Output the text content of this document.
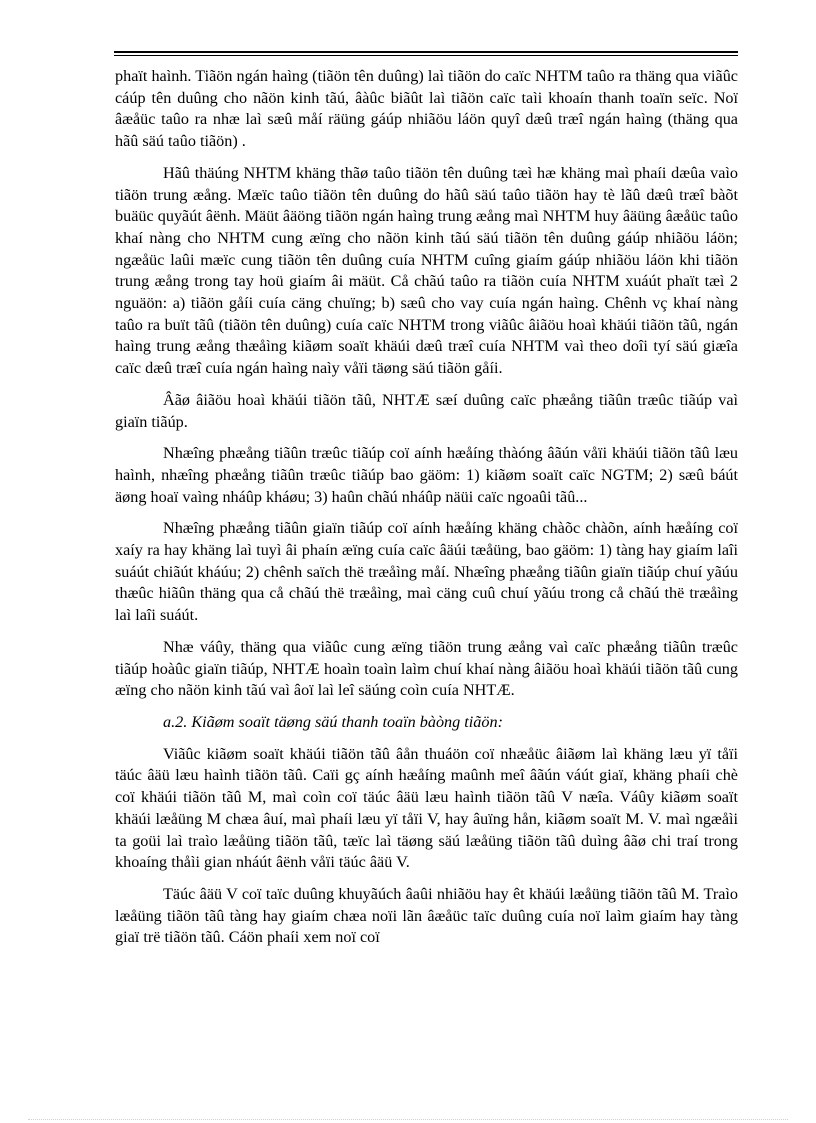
phaït haình. Tiãön ngán haìng (tiãön tên duûng) laì tiãön do caïc NHTM taûo ra thäng qua viãûc cáúp tên duûng cho nãön kinh tãú, âàûc biãût laì tiãön caïc taìi khoaín thanh toaïn seïc. Noï âæåüc taûo ra nhæ laì sæû måí räüng gáúp nhiãöu láön quyî dæû træî ngán haìng (thäng qua hãû säú taûo tiãön) .

Hãû thäúng NHTM khäng thãø taûo tiãön tên duûng tæì hæ khäng maì phaíi dæûa vaìo tiãön trung æång. Mæïc taûo tiãön tên duûng do hãû säú taûo tiãön hay tè lãû dæû træî bàõt buäüc quyãút âënh. Mäüt âäöng tiãön ngán haìng trung æång maì NHTM huy âäüng âæåüc taûo khaí nàng cho NHTM cung æïng cho nãön kinh tãú säú tiãön tên duûng gáúp nhiãöu láön; ngæåüc laûi mæïc cung tiãön tên duûng cuía NHTM cuîng giaím gáúp nhiãöu láön khi tiãön trung æång trong tay hoü giaím âi mäüt. Cå chãú taûo ra tiãön cuía NHTM xuáút phaït tæì 2 nguäön: a) tiãön gåíi cuía cäng chuïng; b) sæû cho vay cuía ngán haìng. Chênh vç khaí nàng taûo ra buït tãû (tiãön tên duûng) cuía caïc NHTM trong viãûc âiãöu hoaì khäúi tiãön tãû, ngán haìng trung æång thæåìng kiãøm soaït khäúi dæû træî cuía NHTM vaì theo doîi tyí säú giæîa caïc dæû træî cuía ngán haìng naìy våïi täøng säú tiãön gåíi.

Âãø âiãöu hoaì khäúi tiãön tãû, NHTÆ sæí duûng caïc phæång tiãûn træûc tiãúp vaì giaïn tiãúp.

Nhæîng phæång tiãûn træûc tiãúp coï aính hæåíng thàóng âãún våïi khäúi tiãön tãû læu haình, nhæîng phæång tiãûn træûc tiãúp bao gäöm: 1) kiãøm soaït caïc NGTM; 2) sæû báút äøng hoaï vaìng nháûp kháøu; 3) haûn chãú nháûp näüi caïc ngoaûi tãû...

Nhæîng phæång tiãûn giaïn tiãúp coï aính hæåíng khäng chàõc chàõn, aính hæåíng coï xaíy ra hay khäng laì tuyì âi phaín æïng cuía caïc âäúi tæåüng, bao gäöm: 1) tàng hay giaím laîi suáút chiãút kháúu; 2) chênh saïch thë træåìng måí. Nhæîng phæång tiãûn giaïn tiãúp chuí yãúu thæûc hiãûn thäng qua cå chãú thë træåìng, maì cäng cuû chuí yãúu trong cå chãú thë træåìng laì laîi suáút.

Nhæ váûy, thäng qua viãûc cung æïng tiãön trung æång vaì caïc phæång tiãûn træûc tiãúp hoàûc giaïn tiãúp, NHTÆ hoaìn toaìn laìm chuí khaí nàng âiãöu hoaì khäúi tiãön tãû cung æïng cho nãön kinh tãú vaì âoï laì leî säúng coìn cuía NHTÆ.

a.2. Kiãøm soaït täøng säú thanh toaïn bàòng tiãön:

Viãûc kiãøm soaït khäúi tiãön tãû âån thuáön coï nhæåüc âiãøm laì khäng læu yï tåïi täúc âäü læu haình tiãön tãû. Caïi gç aính hæåíng maûnh meî âãún váút giaï, khäng phaíi chè coï khäúi tiãön tãû M, maì coìn coï täúc âäü læu haình tiãön tãû V næîa. Váûy kiãøm soaït khäúi læåüng M chæa âuí, maì phaíi læu yï tåïi V, hay âuïng hån, kiãøm soaït M. V. maì ngæåìi ta goüi laì traìo læåüng tiãön tãû, tæïc laì täøng säú læåüng tiãön tãû duìng âãø chi traí trong khoaíng thåìi gian nháút âënh våïi täúc âäü V.

Täúc âäü V coï taïc duûng khuyãúch âaûi nhiãöu hay êt khäúi læåüng tiãön tãû M. Traìo læåüng tiãön tãû tàng hay giaím chæa noïi lãn âæåüc taïc duûng cuía noï laìm giaím hay tàng giaï trë tiãön tãû. Cáön phaíi xem noï coï
